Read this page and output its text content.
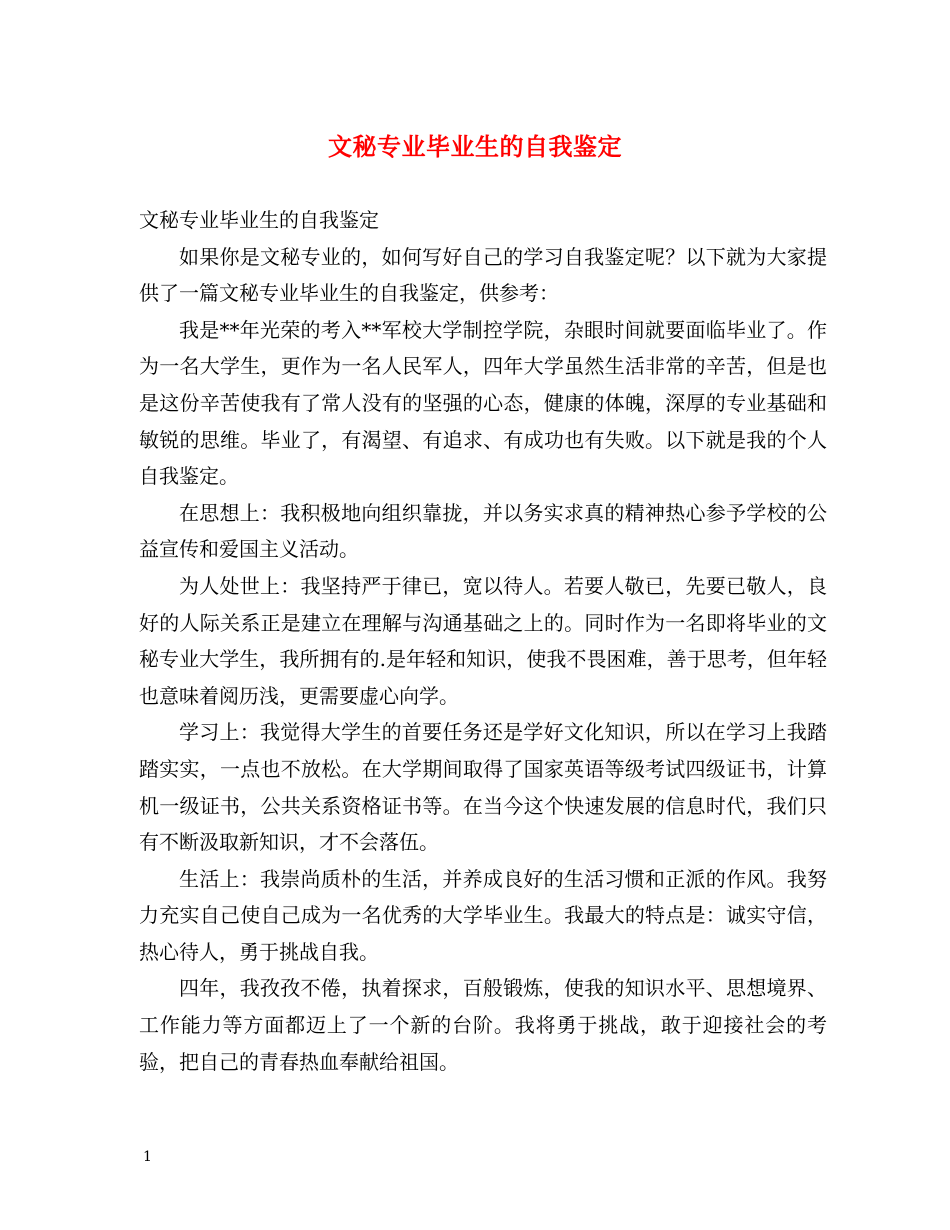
文秘专业毕业生的自我鉴定

文秘专业毕业生的自我鉴定

如果你是文秘专业的，如何写好自己的学习自我鉴定呢？以下就为大家提供了一篇文秘专业毕业生的自我鉴定，供参考：

我是**年光荣的考入**军校大学制控学院，杂眼时间就要面临毕业了。作为一名大学生，更作为一名人民军人，四年大学虽然生活非常的辛苦，但是也是这份辛苦使我有了常人没有的坚强的心态，健康的体魄，深厚的专业基础和敏锐的思维。毕业了，有渴望、有追求、有成功也有失败。以下就是我的个人自我鉴定。

在思想上：我积极地向组织靠拢，并以务实求真的精神热心参予学校的公益宣传和爱国主义活动。

为人处世上：我坚持严于律已，宽以待人。若要人敬已，先要已敬人，良好的人际关系正是建立在理解与沟通基础之上的。同时作为一名即将毕业的文秘专业大学生，我所拥有的.是年轻和知识，使我不畏困难，善于思考，但年轻也意味着阅历浅，更需要虚心向学。

学习上：我觉得大学生的首要任务还是学好文化知识，所以在学习上我踏踏实实，一点也不放松。在大学期间取得了国家英语等级考试四级证书，计算机一级证书，公共关系资格证书等。在当今这个快速发展的信息时代，我们只有不断汲取新知识，才不会落伍。

生活上：我崇尚质朴的生活，并养成良好的生活习惯和正派的作风。我努力充实自己使自己成为一名优秀的大学毕业生。我最大的特点是：诚实守信，热心待人，勇于挑战自我。

四年，我孜孜不倦，执着探求，百般锻炼，使我的知识水平、思想境界、工作能力等方面都迈上了一个新的台阶。我将勇于挑战，敢于迎接社会的考验，把自己的青春热血奉献给祖国。

1
